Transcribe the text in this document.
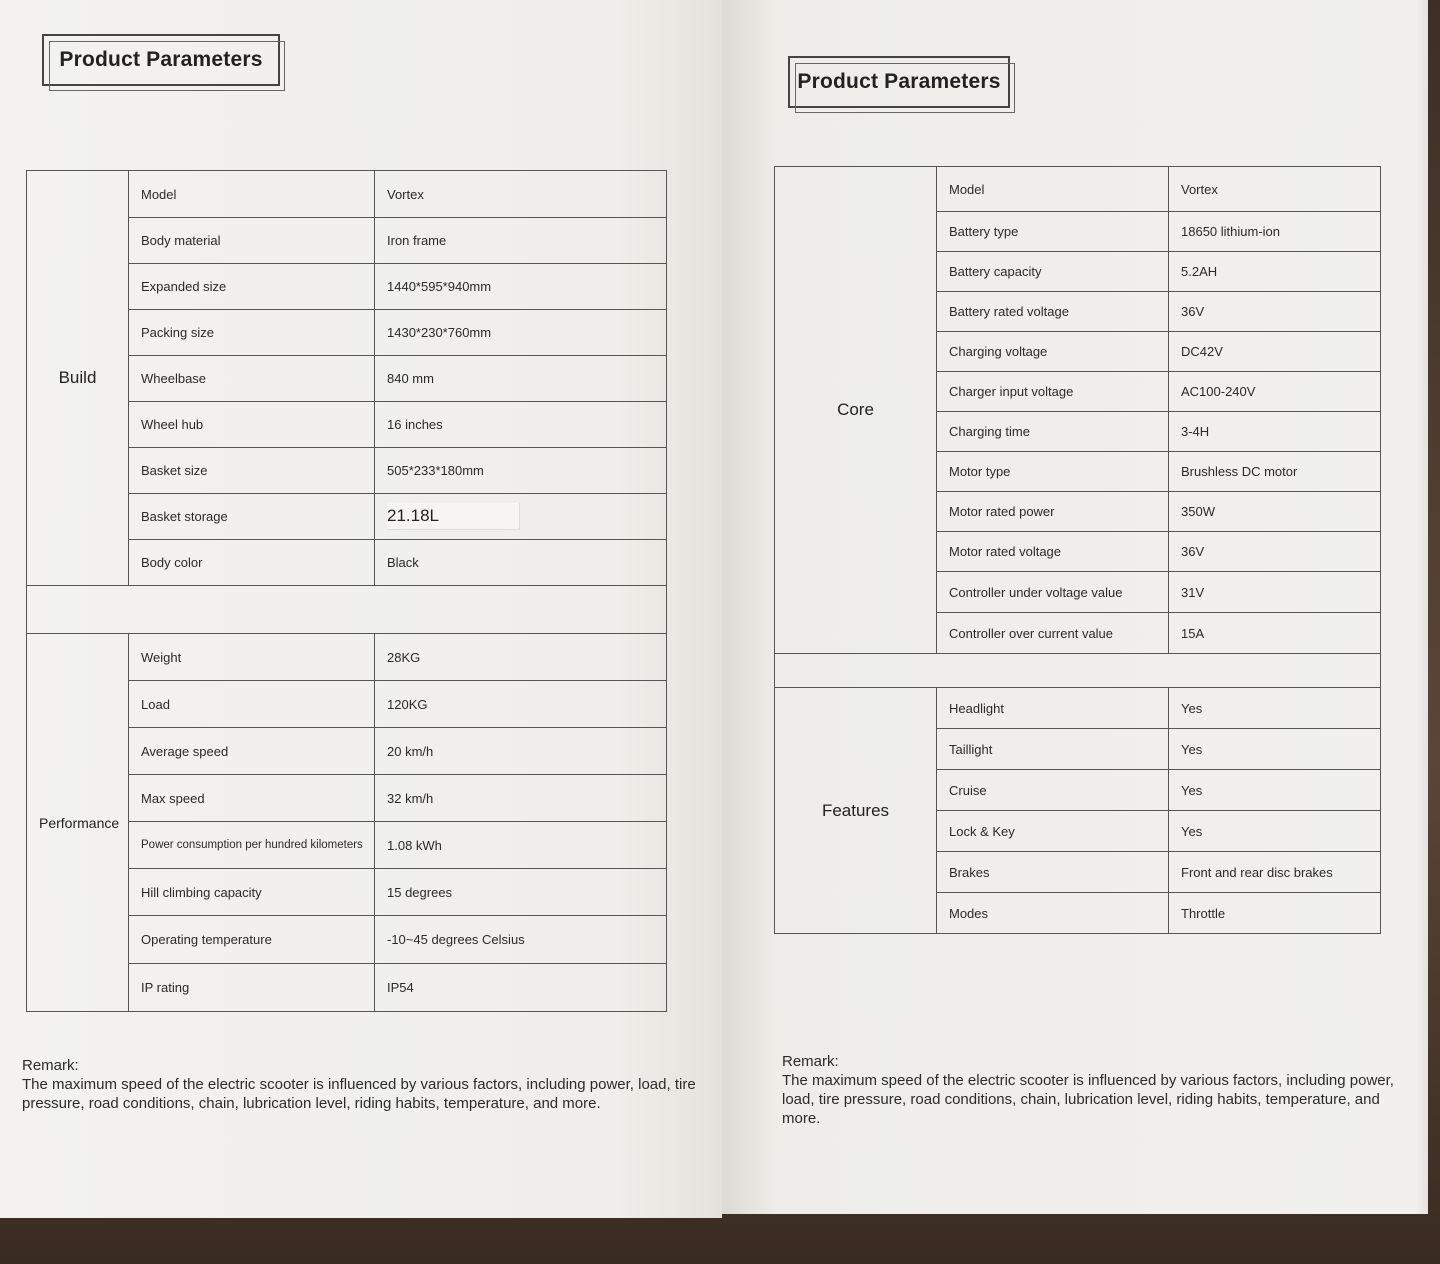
Product Parameters
Build	Model	Vortex
	Body material	Iron frame
	Expanded size	1440*595*940mm
	Packing size	1430*230*760mm
	Wheelbase	840 mm
	Wheel hub	16 inches
	Basket size	505*233*180mm
	Basket storage	21.18L
	Body color	Black

Performance	Weight	28KG
	Load	120KG
	Average speed	20 km/h
	Max speed	32 km/h
	Power consumption per hundred kilometers	1.08 kWh
	Hill climbing capacity	15 degrees
	Operating temperature	-10~45 degrees Celsius
	IP rating	IP54
Remark:
The maximum speed of the electric scooter is influenced by various factors, including power, load, tire pressure, road conditions, chain, lubrication level, riding habits, temperature, and more.
Product Parameters
Core	Model	Vortex
	Battery type	18650 lithium-ion
	Battery capacity	5.2AH
	Battery rated voltage	36V
	Charging voltage	DC42V
	Charger input voltage	AC100-240V
	Charging time	3-4H
	Motor type	Brushless DC motor
	Motor rated power	350W
	Motor rated voltage	36V
	Controller under voltage value	31V
	Controller over current value	15A

Features	Headlight	Yes
	Taillight	Yes
	Cruise	Yes
	Lock & Key	Yes
	Brakes	Front and rear disc brakes
	Modes	Throttle
Remark:
The maximum speed of the electric scooter is influenced by various factors, including power, load, tire pressure, road conditions, chain, lubrication level, riding habits, temperature, and more.
